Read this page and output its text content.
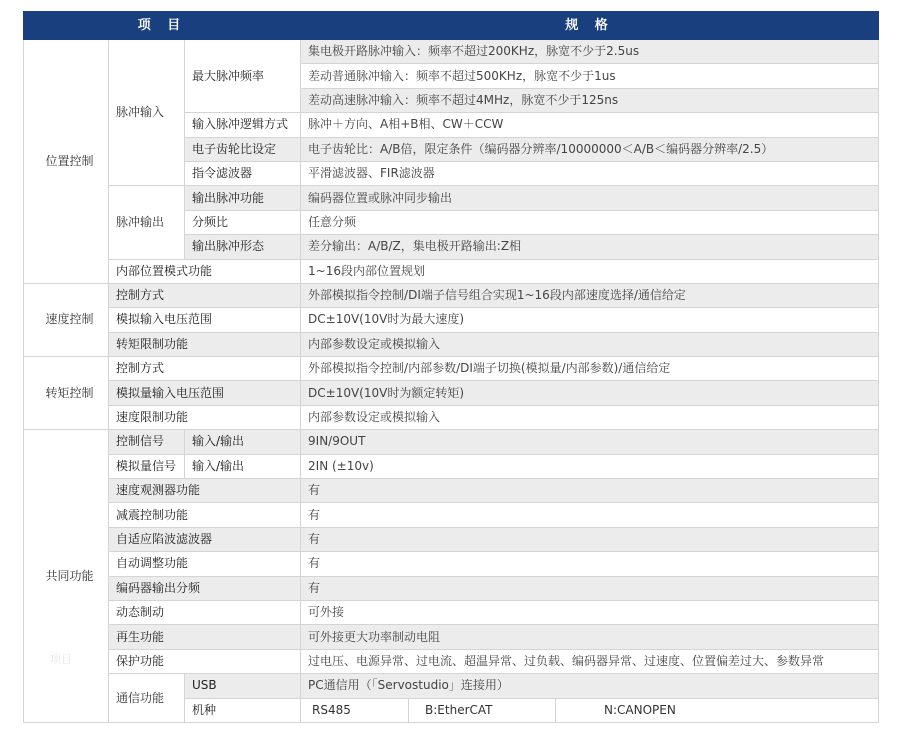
项 目			规 格
位置控制	脉冲输入	最大脉冲频率	集电极开路脉冲输入：频率不超过200KHz，脉宽不少于2.5us
			差动普通脉冲输入：频率不超过500KHz，脉宽不少于1us
			差动高速脉冲输入：频率不超过4MHz，脉宽不少于125ns
		输入脉冲逻辑方式	脉冲＋方向、A相+B相、CW＋CCW
		电子齿轮比设定	电子齿轮比：A/B倍，限定条件（编码器分辨率/10000000＜A/B＜编码器分辨率/2.5）
		指令滤波器	平滑滤波器、FIR滤波器
	脉冲输出	输出脉冲功能	编码器位置或脉冲同步输出
		分频比	任意分频
		输出脉冲形态	差分输出：A/B/Z，集电极开路输出:Z相
	内部位置模式功能		1~16段内部位置规划
速度控制	控制方式		外部模拟指令控制/DI端子信号组合实现1~16段内部速度选择/通信给定
	模拟输入电压范围		DC±10V(10V时为最大速度)
	转矩限制功能		内部参数设定或模拟输入
转矩控制	控制方式		外部模拟指令控制/内部参数/DI端子切换(模拟量/内部参数)/通信给定
	模拟量输入电压范围		DC±10V(10V时为额定转矩)
	速度限制功能		内部参数设定或模拟输入
共同功能	控制信号	输入/输出	9IN/9OUT
	模拟量信号	输入/输出	2IN (±10v)
	速度观测器功能		有
	减震控制功能		有
	自适应陷波滤波器		有
	自动调整功能		有
	编码器输出分频		有
	动态制动		可外接
	再生功能		可外接更大功率制动电阻
	保护功能		过电压、电源异常、过电流、超温异常、过负载、编码器异常、过速度、位置偏差过大、参数异常
	通信功能	USB	PC通信用（「Servostudio」连接用）
		机种	RS485 B:EtherCAT N:CANOPEN
项目
